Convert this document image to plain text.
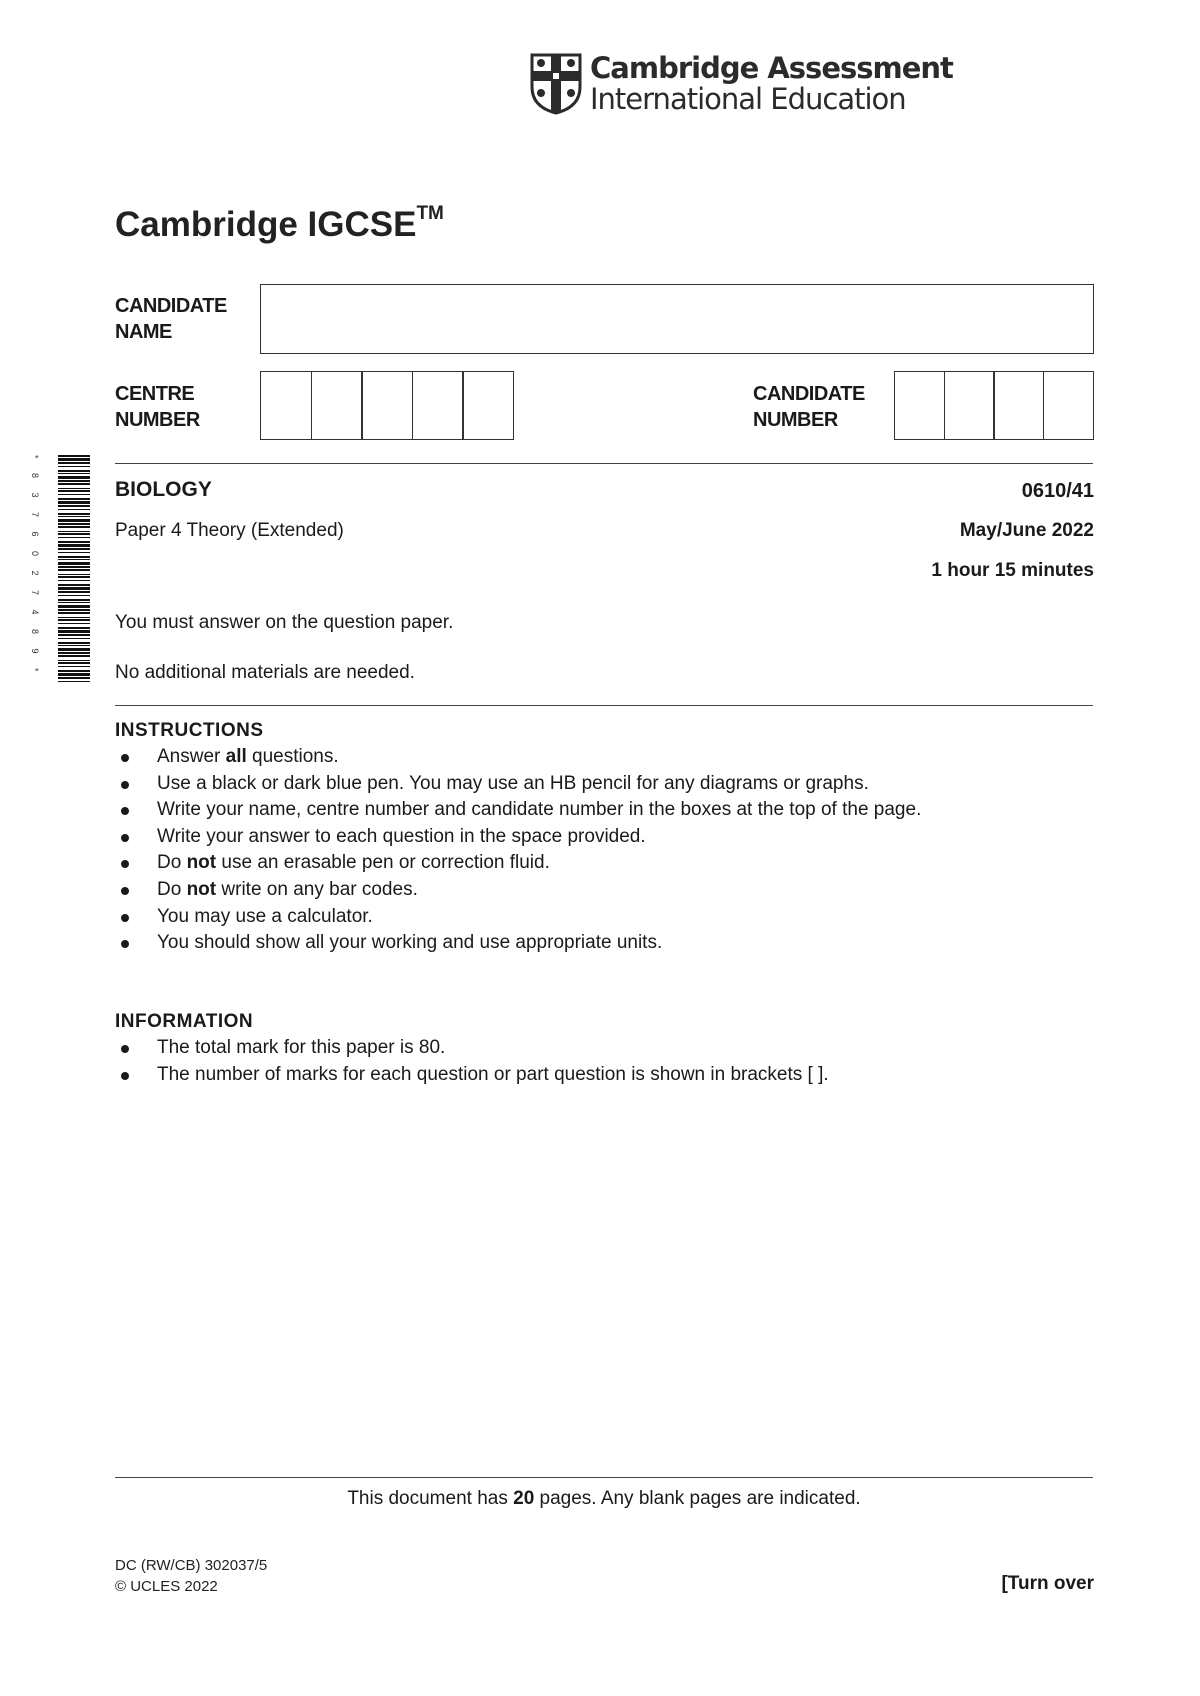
Cambridge Assessment
International Education
Cambridge IGCSE™
CANDIDATE
NAME
CENTRE
NUMBER
CANDIDATE
NUMBER
* 8 3 7 6 0 2 7 4 8 9 *	BIOLOGY	0610/41
Paper 4 Theory (Extended)	May/June 2022
1 hour 15 minutes
You must answer on the question paper.
No additional materials are needed.
INSTRUCTIONS
Answer all questions.
Use a black or dark blue pen. You may use an HB pencil for any diagrams or graphs.
Write your name, centre number and candidate number in the boxes at the top of the page.
Write your answer to each question in the space provided.
Do not use an erasable pen or correction fluid.
Do not write on any bar codes.
You may use a calculator.
You should show all your working and use appropriate units.
INFORMATION
The total mark for this paper is 80.
The number of marks for each question or part question is shown in brackets [ ].
This document has 20 pages. Any blank pages are indicated.
DC (RW/CB) 302037/5
© UCLES 2022	[Turn over
